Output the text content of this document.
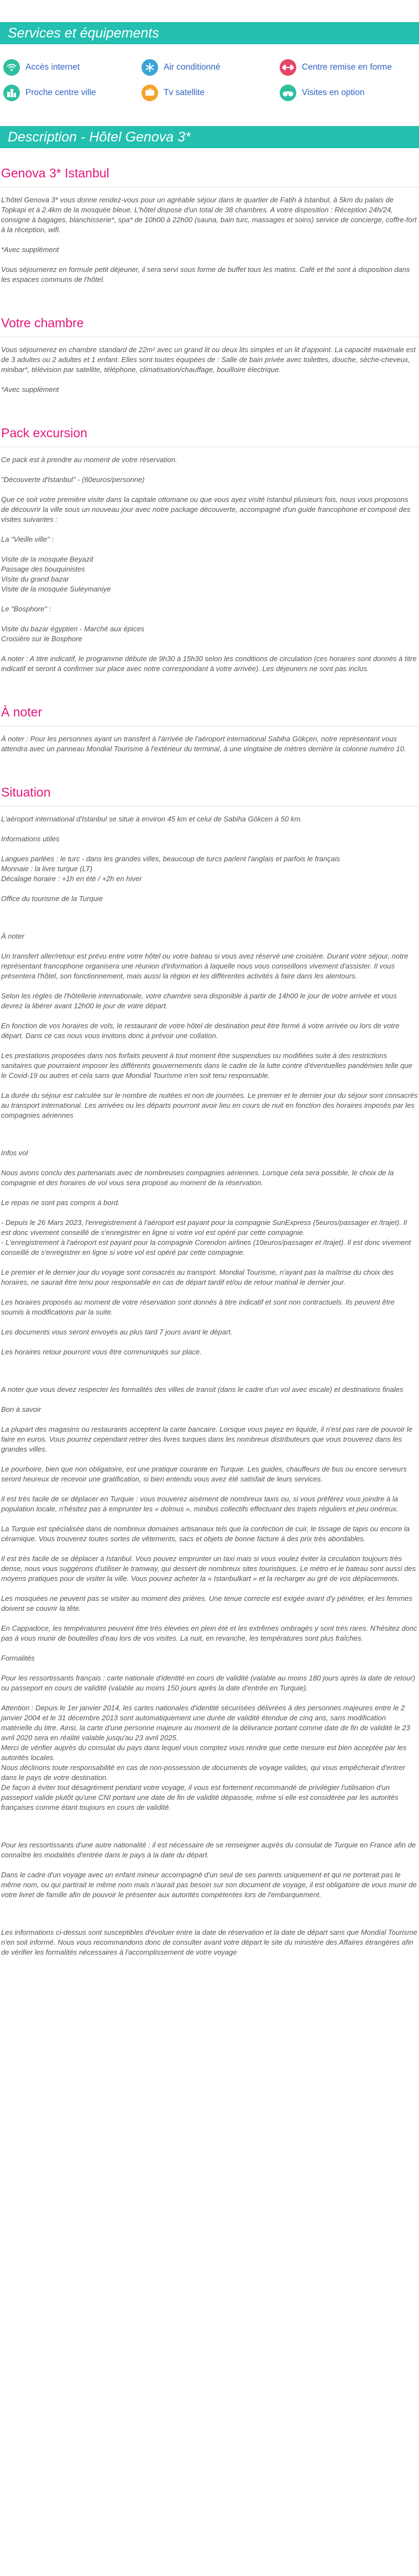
Services et équipements
Accès internet	Air conditionné	Centre remise en forme
Proche centre ville	Tv satellite	Visites en option
Description - Hôtel Genova 3*
Genova 3* Istanbul

L'hôtel Genova 3* vous donne rendez-vous pour un agréable séjour dans le quartier de Fatih à Istanbul, à 5km du palais de Topkapi et à 2.4km de la mosquée bleue. L'hôtel dispose d'un total de 38 chambres. A votre disposition : Réception 24h/24, consigne à bagages, blanchisserie*, spa* de 10h00 à 22h00 (sauna, bain turc, massages et soins) service de concierge, coffre-fort à la réception, wifi.

*Avec supplément

Vous séjournerez en formule petit déjeuner, il sera servi sous forme de buffet tous les matins. Café et thé sont à disposition dans les espaces communs de l'hôtel.

Votre chambre

Vous séjournerez en chambre standard de 22m² avec un grand lit ou deux lits simples et un lit d'appoint. La capacité maximale est de 3 adultes ou 2 adultes et 1 enfant. Elles sont toutes équipées de : Salle de bain privée avec toilettes, douche, sèche-cheveux, minibar*, télévision par satellite, téléphone, climatisation/chauffage, bouilloire électrique.

*Avec supplément

Pack excursion

Ce pack est à prendre au moment de votre réservation.

"Découverte d'Istanbul" - (60euros/personne)

Que ce soit votre première visite dans la capitale ottomane ou que vous ayez visité Istanbul plusieurs fois, nous vous proposons de découvrir la ville sous un nouveau jour avec notre package découverte, accompagné d'un guide francophone et composé des visites suivantes :

La "Vieille ville" :

Visite de la mosquée Beyazit
Passage des bouquinistes
Visite du grand bazar
Visite de la mosquée Suleymaniye

Le "Bosphore" :

Visite du bazar égyptien - Marché aux épices
Croisière sur le Bosphore

A noter : A titre indicatif, le programme débute de 9h30 à 15h30 selon les conditions de circulation (ces horaires sont donnés à titre indicatif et seront à confirmer sur place avec notre correspondant à votre arrivée). Les déjeuners ne sont pas inclus.

À noter

À noter : Pour les personnes ayant un transfert à l'arrivée de l'aéroport international Sabiha Gökçen, notre représentant vous attendra avec un panneau Mondial Tourisme à l'extérieur du terminal, à une vingtaine de mètres derrière la colonne numéro 10.

Situation

L'aéroport international d'Istanbul se situe à environ 45 km et celui de Sabiha Gökcen à 50 km.

Informations utiles

Langues parlées : le turc - dans les grandes villes, beaucoup de turcs parlent l'anglais et parfois le français
Monnaie : la livre turque (LT)
Décalage horaire : +1h en été / +2h en hiver

Office du tourisme de la Turquie

À noter

Un transfert aller/retour est prévu entre votre hôtel ou votre bateau si vous avez réservé une croisière. Durant votre séjour, notre représentant francophone organisera une réunion d'information à laquelle nous vous conseillons vivement d'assister. Il vous présentera l'hôtel, son fonctionnement, mais aussi la région et les différentes activités à faire dans les alentours.

Selon les règles de l'hôtellerie internationale, votre chambre sera disponible à partir de 14h00 le jour de votre arrivée et vous devrez la libérer avant 12h00 le jour de votre départ.

En fonction de vos horaires de vols, le restaurant de votre hôtel de destination peut être fermé à votre arrivée ou lors de votre départ. Dans ce cas nous vous invitons donc à prévoir une collation.

Les prestations proposées dans nos forfaits peuvent à tout moment être suspendues ou modifiées suite à des restrictions sanitaires que pourraient imposer les différents gouvernements dans le cadre de la lutte contre d'éventuelles pandémies telle que le Covid-19 ou autres et cela sans que Mondial Tourisme n'en soit tenu responsable.

La durée du séjour est calculée sur le nombre de nuitées et non de journées. Le premier et le dernier jour du séjour sont consacrés au transport international. Les arrivées ou les départs pourront avoir lieu en cours de nuit en fonction des horaires imposés par les compagnies aériennes

Infos vol

Nous avons conclu des partenariats avec de nombreuses compagnies aériennes. Lorsque cela sera possible, le choix de la compagnie et des horaires de vol vous sera proposé au moment de la réservation.

Le repas ne sont pas compris à bord.

- Depuis le 26 Mars 2023, l'enregistrement à l'aéroport est payant pour la compagnie SunExpress (5euros/passager et /trajet). Il est donc vivement conseillé de s'enregistrer en ligne si votre vol est opéré par cette compagnie.
- L'enregistrement à l'aéroport est payant pour la compagnie Corendon airlines (10euros/passager et /trajet). Il est donc vivement conseillé de s'enregistrer en ligne si votre vol est opéré par cette compagnie.

Le premier et le dernier jour du voyage sont consacrés au transport. Mondial Tourisme, n'ayant pas la maîtrise du choix des horaires, ne saurait être tenu pour responsable en cas de départ tardif et/ou de retour matinal le dernier jour.

Les horaires proposés au moment de votre réservation sont donnés à titre indicatif et sont non contractuels. Ils peuvent être soumis à modifications par la suite.

Les documents vous seront envoyés au plus tard 7 jours avant le départ.

Les horaires retour pourront vous être communiqués sur place.

A noter que vous devez respecter les formalités des villes de transit (dans le cadre d'un vol avec escale) et destinations finales

Bon à savoir

La plupart des magasins ou restaurants acceptent la carte bancaire. Lorsque vous payez en liquide, il n'est pas rare de pouvoir le faire en euros. Vous pourrez cependant retirer des livres turques dans les nombreux distributeurs que vous trouverez dans les grandes villes.

Le pourboire, bien que non obligatoire, est une pratique courante en Turquie. Les guides, chauffeurs de bus ou encore serveurs seront heureux de recevoir une gratification, si bien entendu vous avez été satisfait de leurs services.

Il est très facile de se déplacer en Turquie : vous trouverez aisément de nombreux taxis ou, si vous préférez vous joindre à la population locale, n'hésitez pas à emprunter les « dolmus », minibus collectifs effectuant des trajets réguliers et peu onéreux.

La Turquie est spécialisée dans de nombreux domaines artisanaux tels que la confection de cuir, le tissage de tapis ou encore la céramique. Vous trouverez toutes sortes de vêtements, sacs et objets de bonne facture à des prix très abordables.

Il est très facile de se déplacer à Istanbul. Vous pouvez emprunter un taxi mais si vous voulez éviter la circulation toujours très dense, nous vous suggérons d'utiliser le tramway, qui dessert de nombreux sites touristiques. Le métro et le bateau sont aussi des moyens pratiques pour de visiter la ville. Vous pouvez acheter la « Istanbulkart » et la recharger au gré de vos déplacements.

Les mosquées ne peuvent pas se visiter au moment des prières. Une tenue correcte est exigée avant d'y pénétrer, et les femmes doivent se couvrir la tête.

En Cappadoce, les températures peuvent être très élevées en plein été et les extrêmes ombragés y sont très rares. N'hésitez donc pas à vous munir de bouteilles d'eau lors de vos visites. La nuit, en revanche, les températures sont plus fraîches.

Formalités

Pour les ressortissants français : carte nationale d'identité en cours de validité (valable au moins 180 jours après la date de retour) ou passeport en cours de validité (valable au moins 150 jours après la date d'entrée en Turquie).

Attention : Depuis le 1er janvier 2014, les cartes nationales d'identité sécurisées délivrées à des personnes majeures entre le 2 janvier 2004 et le 31 décembre 2013 sont automatiquement une durée de validité étendue de cinq ans, sans modification matérielle du titre. Ainsi, la carte d'une personne majeure au moment de la délivrance portant comme date de fin de validité le 23 avril 2020 sera en réalité valable jusqu'au 23 avril 2025.
Merci de vérifier auprès du consulat du pays dans lequel vous comptez vous rendre que cette mesure est bien acceptée par les autorités locales.
Nous déclinons toute responsabilité en cas de non-possession de documents de voyage valides, qui vous empêcherait d'entrer dans le pays de votre destination.
De façon à éviter tout désagrément pendant votre voyage, il vous est fortement recommandé de privilégier l'utilisation d'un passeport valide plutôt qu'une CNI portant une date de fin de validité dépassée, même si elle est considérée par les autorités françaises comme étant toujours en cours de validité.

Pour les ressortissants d'une autre nationalité : il est nécessaire de se renseigner auprès du consulat de Turquie en France afin de connaître les modalités d'entrée dans le pays à la date du départ.

Dans le cadre d'un voyage avec un enfant mineur accompagné d'un seul de ses parents uniquement et qui ne porterait pas le même nom, ou qui partirait le même nom mais n'aurait pas besoin sur son document de voyage, il est obligatoire de vous munir de votre livret de famille afin de pouvoir le présenter aux autorités compétentes lors de l'embarquement.

Les informations ci-dessus sont susceptibles d'évoluer entre la date de réservation et la date de départ sans que Mondial Tourisme n'en soit informé. Nous vous recommandons donc de consulter avant votre départ le site du ministère des Affaires étrangères afin de vérifier les formalités nécessaires à l'accomplissement de votre voyage
